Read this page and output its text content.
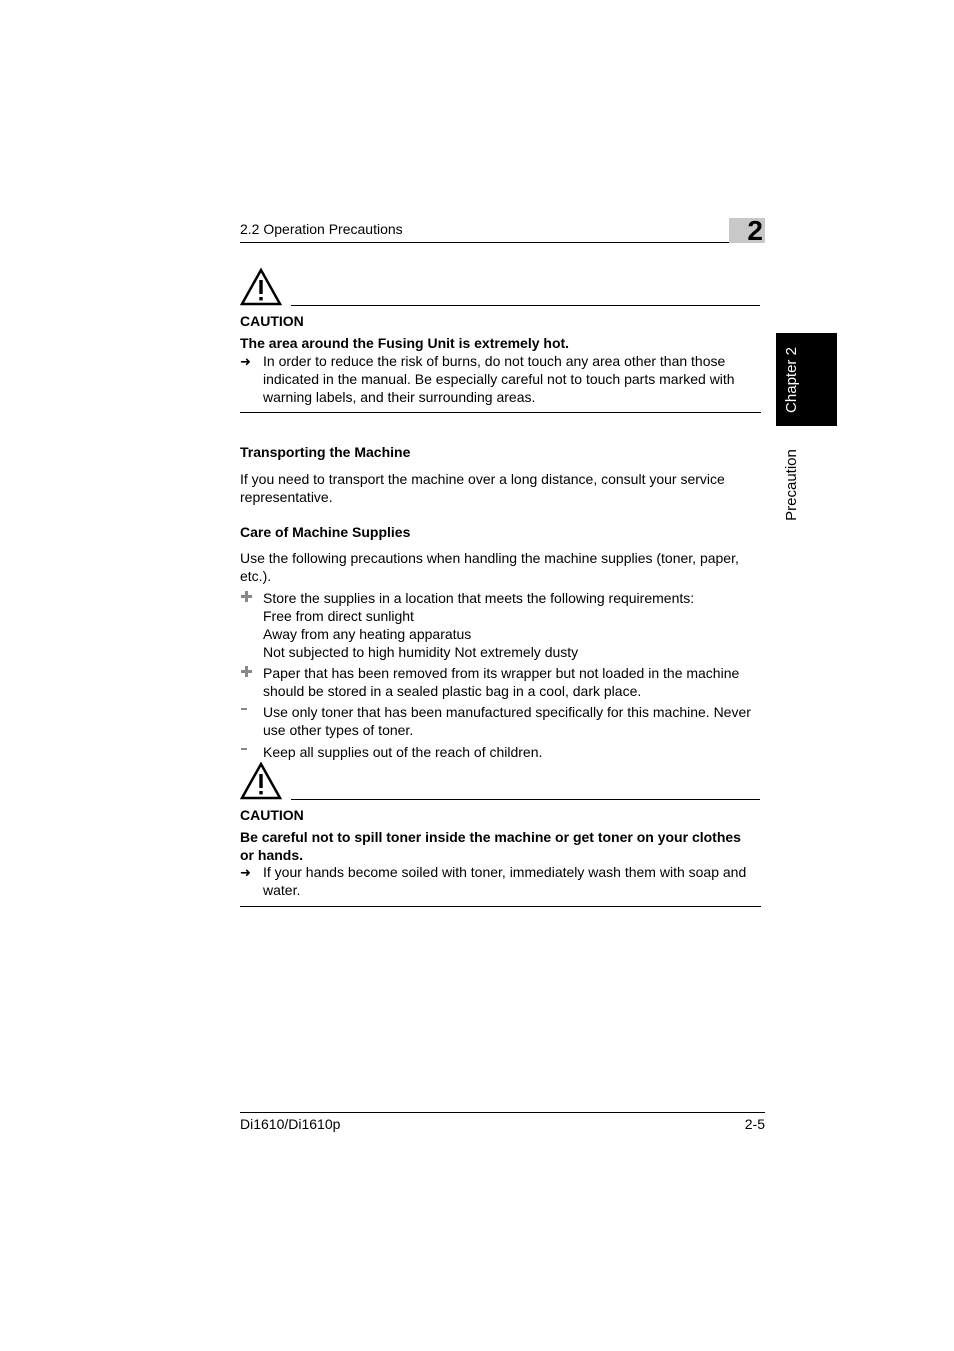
2.2 Operation Precautions	2
Chapter 2
Precaution
CAUTION
The area around the Fusing Unit is extremely hot.
➜ In order to reduce the risk of burns, do not touch any area other than those
indicated in the manual. Be especially careful not to touch parts marked with
warning labels, and their surrounding areas.
Transporting the Machine
If you need to transport the machine over a long distance, consult your service
representative.
Care of Machine Supplies
Use the following precautions when handling the machine supplies (toner, paper,
etc.).
Store the supplies in a location that meets the following requirements:
Free from direct sunlight
Away from any heating apparatus
Not subjected to high humidity Not extremely dusty
Paper that has been removed from its wrapper but not loaded in the machine
should be stored in a sealed plastic bag in a cool, dark place.
Use only toner that has been manufactured specifically for this machine. Never
use other types of toner.
Keep all supplies out of the reach of children.
CAUTION
Be careful not to spill toner inside the machine or get toner on your clothes
or hands.
➜ If your hands become soiled with toner, immediately wash them with soap and
water.
Di1610/Di1610p	2-5
